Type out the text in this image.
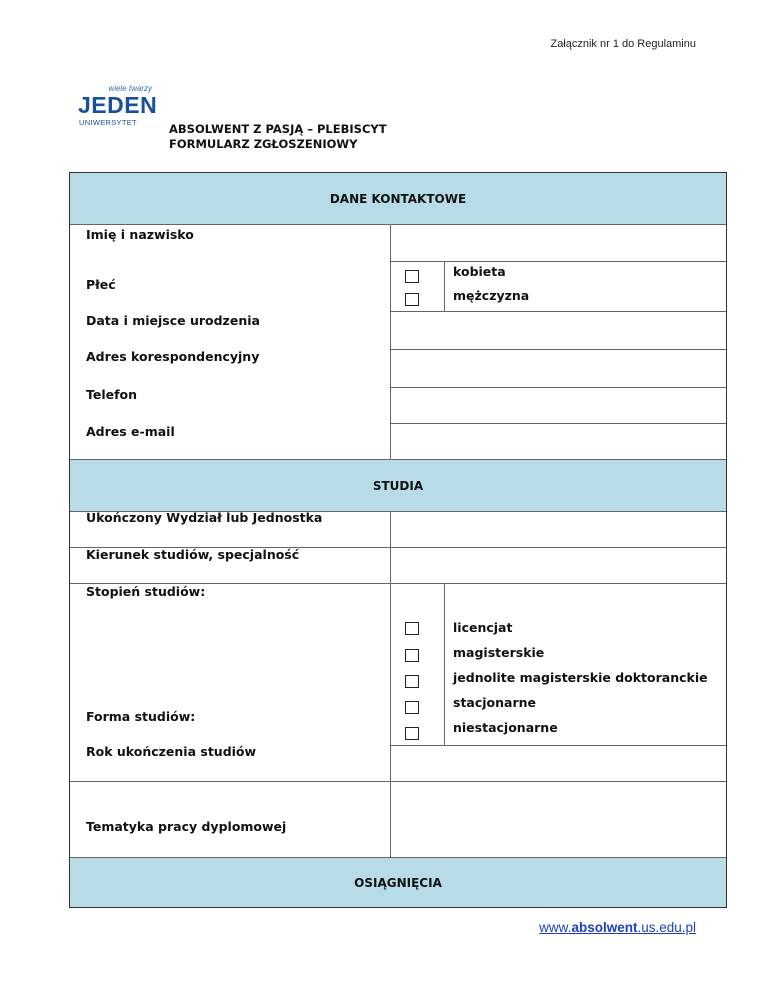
Załącznik nr 1 do Regulaminu
wiele twarzy
JEDEN
UNIWERSYTET	ABSOLWENT Z PASJĄ – PLEBISCYT
FORMULARZ ZGŁOSZENIOWY
DANE KONTAKTOWE
Imię i nazwisko
Płeć
kobieta
mężczyzna
Data i miejsce urodzenia
Adres korespondencyjny
Telefon
Adres e-mail
STUDIA
Ukończony Wydział lub Jednostka
Kierunek studiów, specjalność
Stopień studiów:
licencjat
magisterskie
jednolite magisterskie doktoranckie
Forma studiów:
stacjonarne
niestacjonarne
Rok ukończenia studiów
Tematyka pracy dyplomowej
OSIĄGNIĘCIA
www.absolwent.us.edu.pl
